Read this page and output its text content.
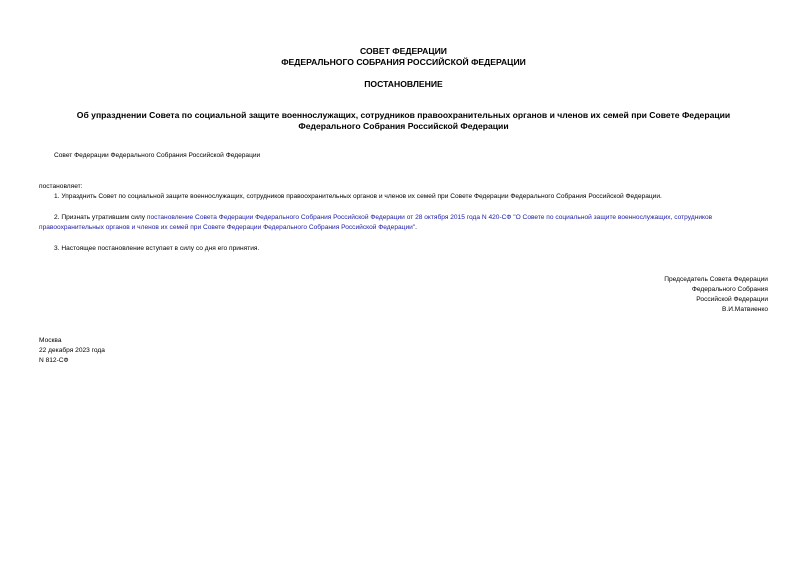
СОВЕТ ФЕДЕРАЦИИ
ФЕДЕРАЛЬНОГО СОБРАНИЯ РОССИЙСКОЙ ФЕДЕРАЦИИ
ПОСТАНОВЛЕНИЕ
Об упразднении Совета по социальной защите военнослужащих, сотрудников правоохранительных органов и членов их семей при Совете Федерации
Федерального Собрания Российской Федерации
Совет Федерации Федерального Собрания Российской Федерации
постановляет:
1. Упразднить Совет по социальной защите военнослужащих, сотрудников правоохранительных органов и членов их семей при Совете Федерации Федерального Собрания Российской Федерации.
2. Признать утратившим силу постановление Совета Федерации Федерального Собрания Российской Федерации от 28 октября 2015 года N 420-СФ "О Совете по социальной защите военнослужащих, сотрудников правоохранительных органов и членов их семей при Совете Федерации Федерального Собрания Российской Федерации".
3. Настоящее постановление вступает в силу со дня его принятия.
Председатель Совета Федерации
Федерального Собрания
Российской Федерации
В.И.Матвиенко
Москва
22 декабря 2023 года
N 812-СФ
